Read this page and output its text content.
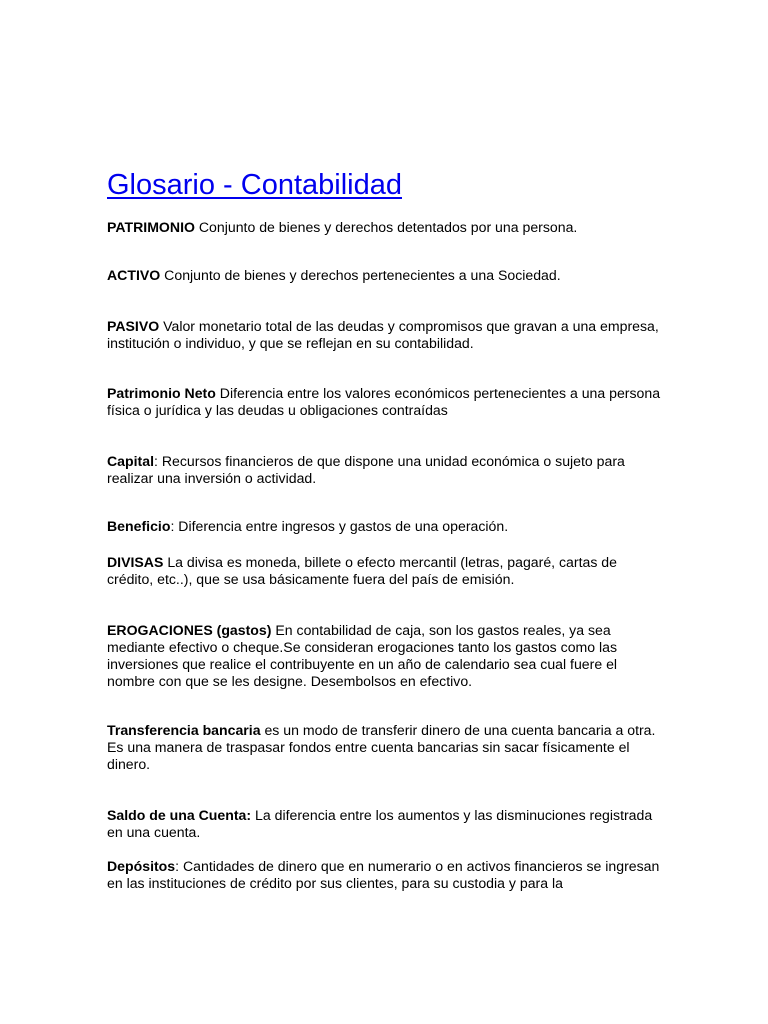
Glosario - Contabilidad

PATRIMONIO Conjunto de bienes y derechos detentados por una persona.

ACTIVO Conjunto de bienes y derechos pertenecientes a una Sociedad.

PASIVO Valor monetario total de las deudas y compromisos que gravan a una empresa, institución o individuo, y que se reflejan en su contabilidad.

Patrimonio Neto Diferencia entre los valores económicos pertenecientes a una persona física o jurídica y las deudas u obligaciones contraídas

Capital: Recursos financieros de que dispone una unidad económica o sujeto para realizar una inversión o actividad.

Beneficio: Diferencia entre ingresos y gastos de una operación.

DIVISAS La divisa es moneda, billete o efecto mercantil (letras, pagaré, cartas de crédito, etc..), que se usa básicamente fuera del país de emisión.

EROGACIONES (gastos) En contabilidad de caja, son los gastos reales, ya sea mediante efectivo o cheque.Se consideran erogaciones tanto los gastos como las inversiones que realice el contribuyente en un año de calendario sea cual fuere el nombre con que se les designe. Desembolsos en efectivo.

Transferencia bancaria es un modo de transferir dinero de una cuenta bancaria a otra. Es una manera de traspasar fondos entre cuenta bancarias sin sacar físicamente el dinero.

Saldo de una Cuenta: La diferencia entre los aumentos y las disminuciones registrada en una cuenta.

Depósitos: Cantidades de dinero que en numerario o en activos financieros se ingresan en las instituciones de crédito por sus clientes, para su custodia y para la
